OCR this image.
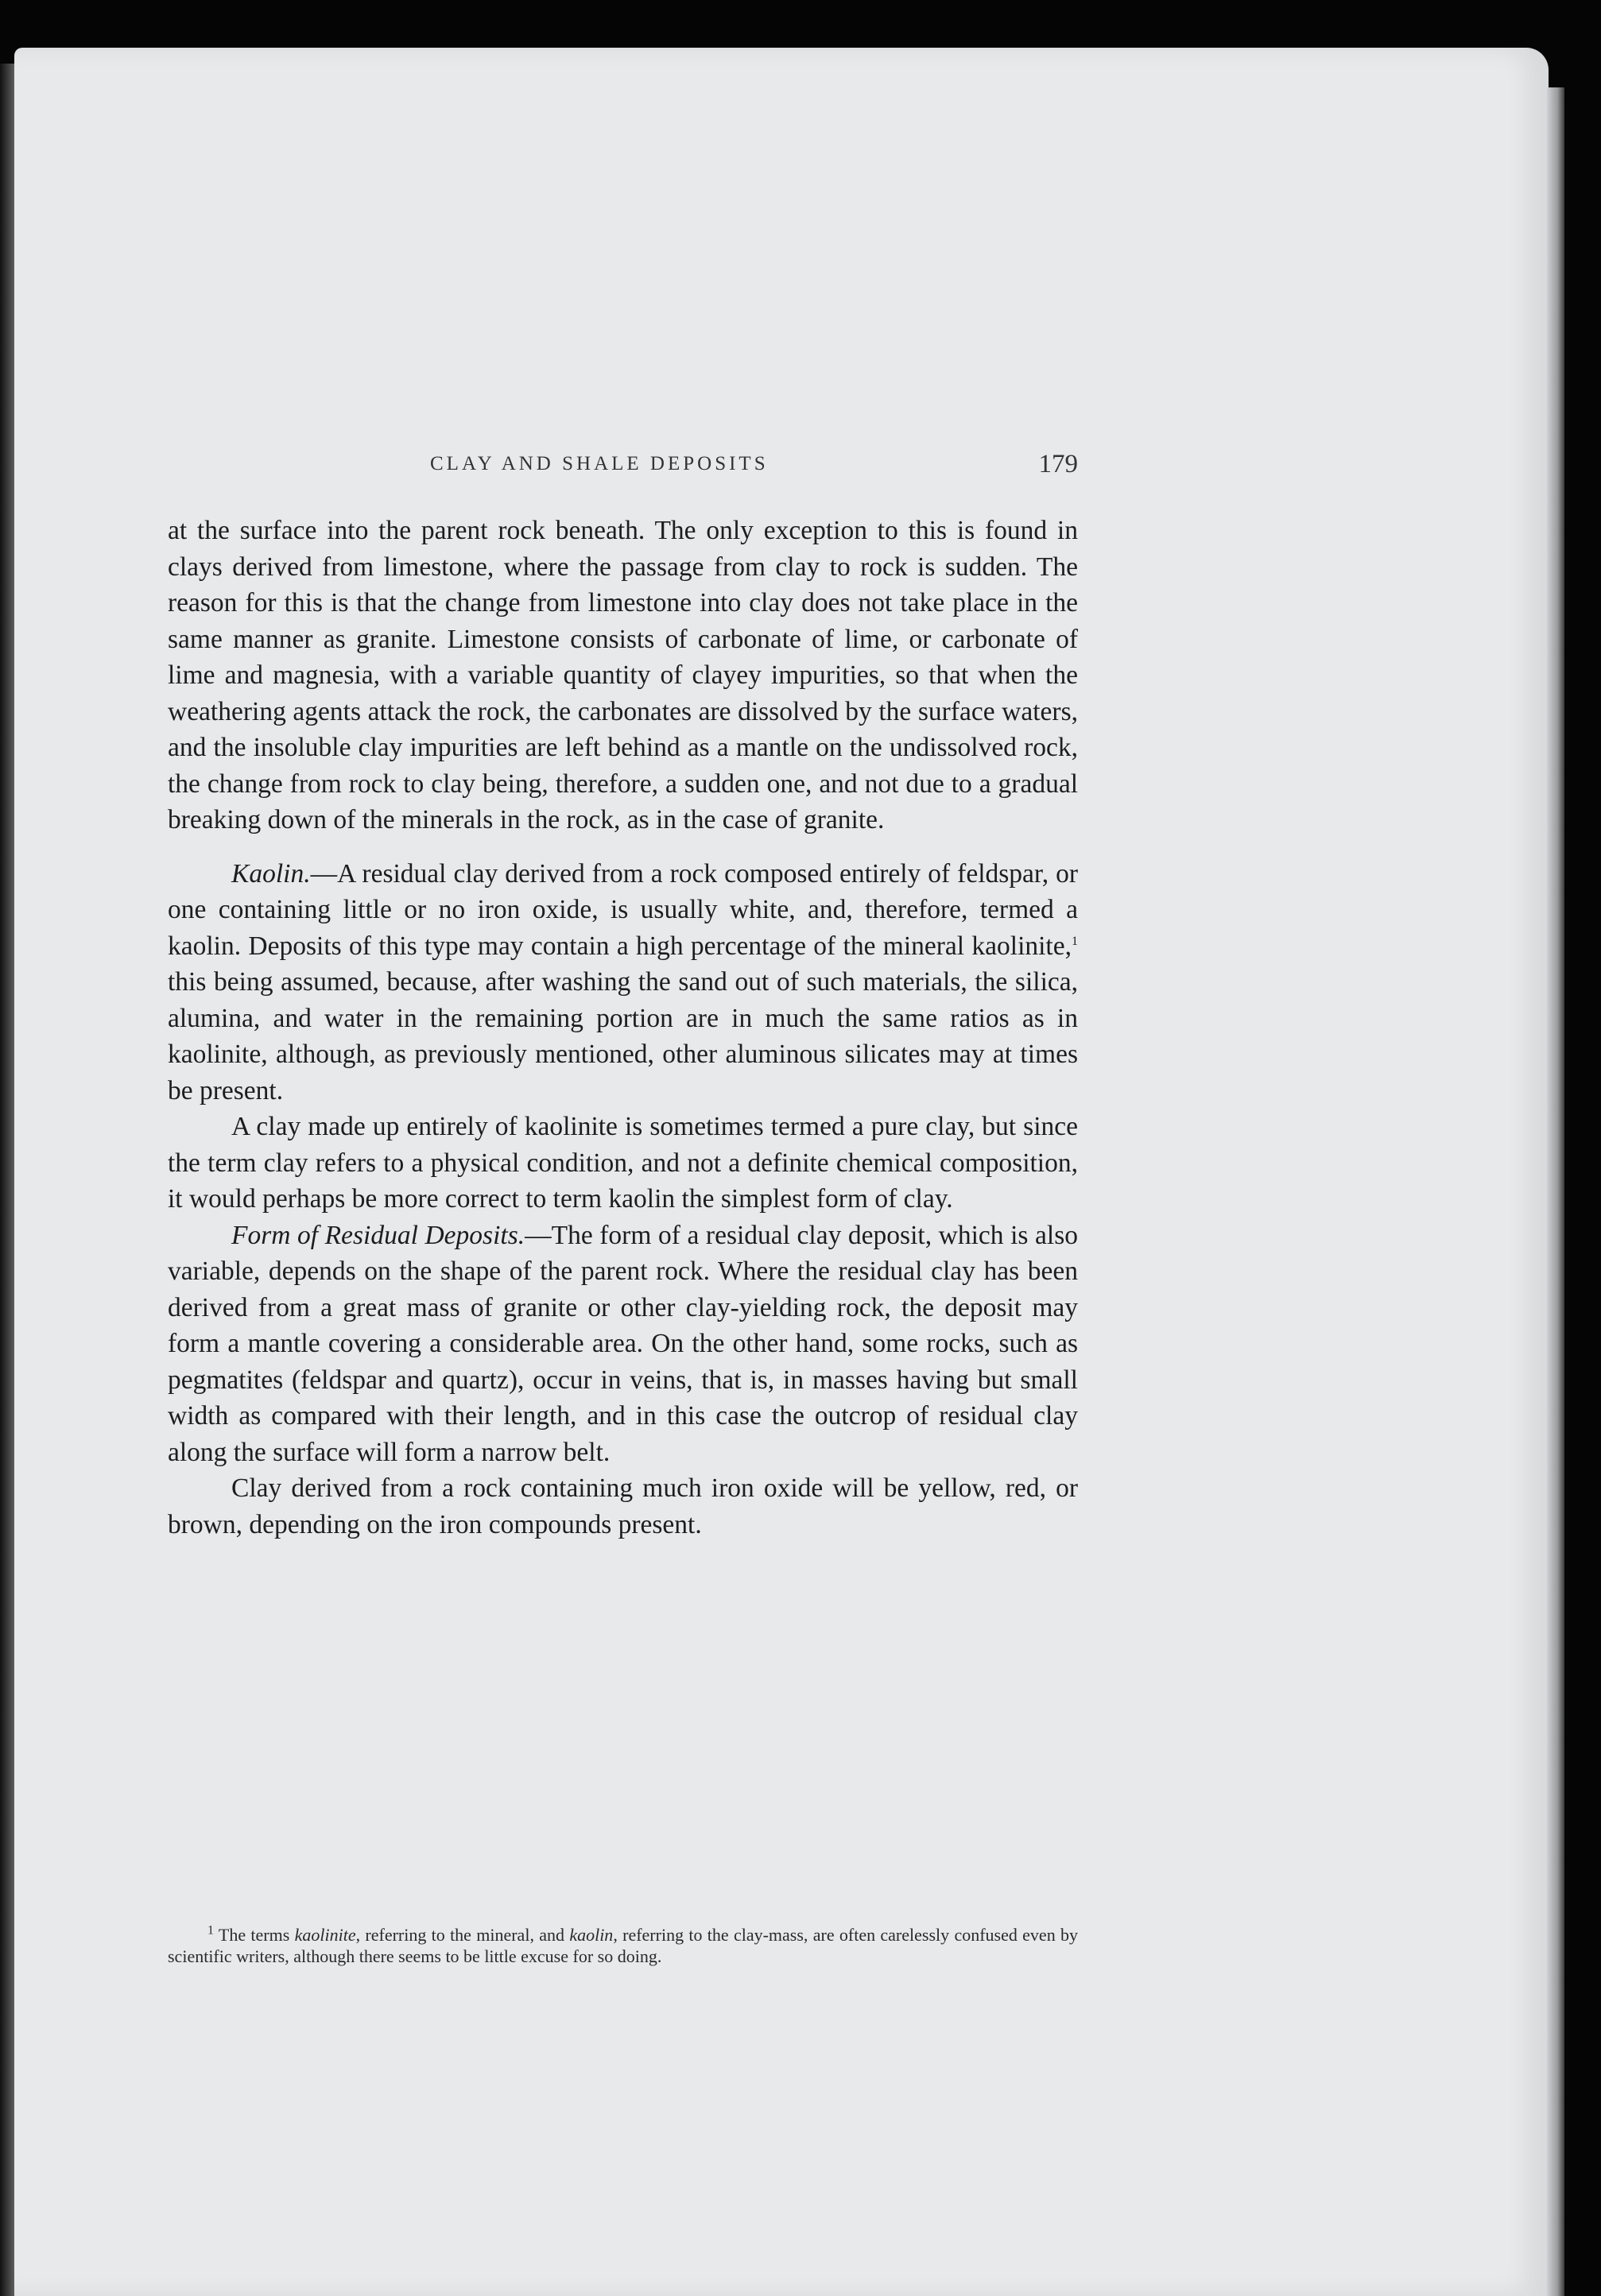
CLAY AND SHALE DEPOSITS	179

at the surface into the parent rock beneath. The only exception to this is found in clays derived from limestone, where the passage from clay to rock is sudden. The reason for this is that the change from limestone into clay does not take place in the same manner as granite. Limestone consists of carbonate of lime, or carbonate of lime and magnesia, with a variable quantity of clayey impurities, so that when the weathering agents attack the rock, the carbonates are dissolved by the surface waters, and the insoluble clay impurities are left behind as a mantle on the undissolved rock, the change from rock to clay being, therefore, a sudden one, and not due to a gradual breaking down of the minerals in the rock, as in the case of granite.

Kaolin.—A residual clay derived from a rock composed entirely of feldspar, or one containing little or no iron oxide, is usually white, and, therefore, termed a kaolin. Deposits of this type may contain a high percentage of the mineral kaolinite,$^1$ this being assumed, because, after washing the sand out of such materials, the silica, alumina, and water in the remaining portion are in much the same ratios as in kaolinite, although, as previously mentioned, other aluminous silicates may at times be present.

A clay made up entirely of kaolinite is sometimes termed a pure clay, but since the term clay refers to a physical condition, and not a definite chemical composition, it would perhaps be more correct to term kaolin the simplest form of clay.

Form of Residual Deposits.—The form of a residual clay deposit, which is also variable, depends on the shape of the parent rock. Where the residual clay has been derived from a great mass of granite or other clay-yielding rock, the deposit may form a mantle covering a considerable area. On the other hand, some rocks, such as pegmatites (feldspar and quartz), occur in veins, that is, in masses having but small width as compared with their length, and in this case the outcrop of residual clay along the surface will form a narrow belt.

Clay derived from a rock containing much iron oxide will be yellow, red, or brown, depending on the iron compounds present.

$^1$ The terms kaolinite, referring to the mineral, and kaolin, referring to the clay-mass, are often carelessly confused even by scientific writers, although there seems to be little excuse for so doing.
